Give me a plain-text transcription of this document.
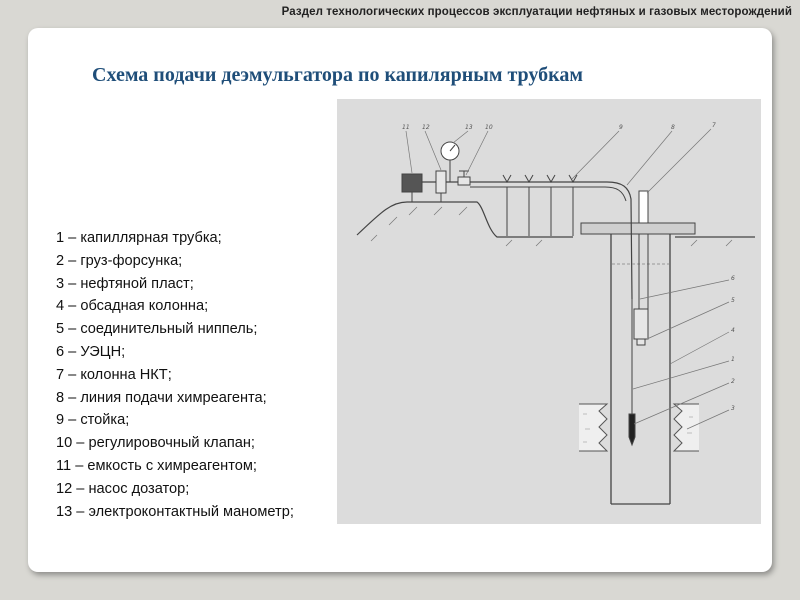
Раздел технологических процессов эксплуатации нефтяных и газовых месторождений
Схема подачи деэмульгатора по капилярным трубкам
1 – капиллярная трубка;
2 – груз-форсунка;
3 – нефтяной пласт;
4 – обсадная колонна;
5 – соединительный ниппель;
6 – УЭЦН;
7 – колонна НКТ;
8 – линия подачи химреагента;
9 – стойка;
10 – регулировочный клапан;
11 – емкость с химреагентом;
12 – насос дозатор;
13 – электроконтактный манометр;
11 12	13 10	9	8	7
6
5
4
1
2
3
